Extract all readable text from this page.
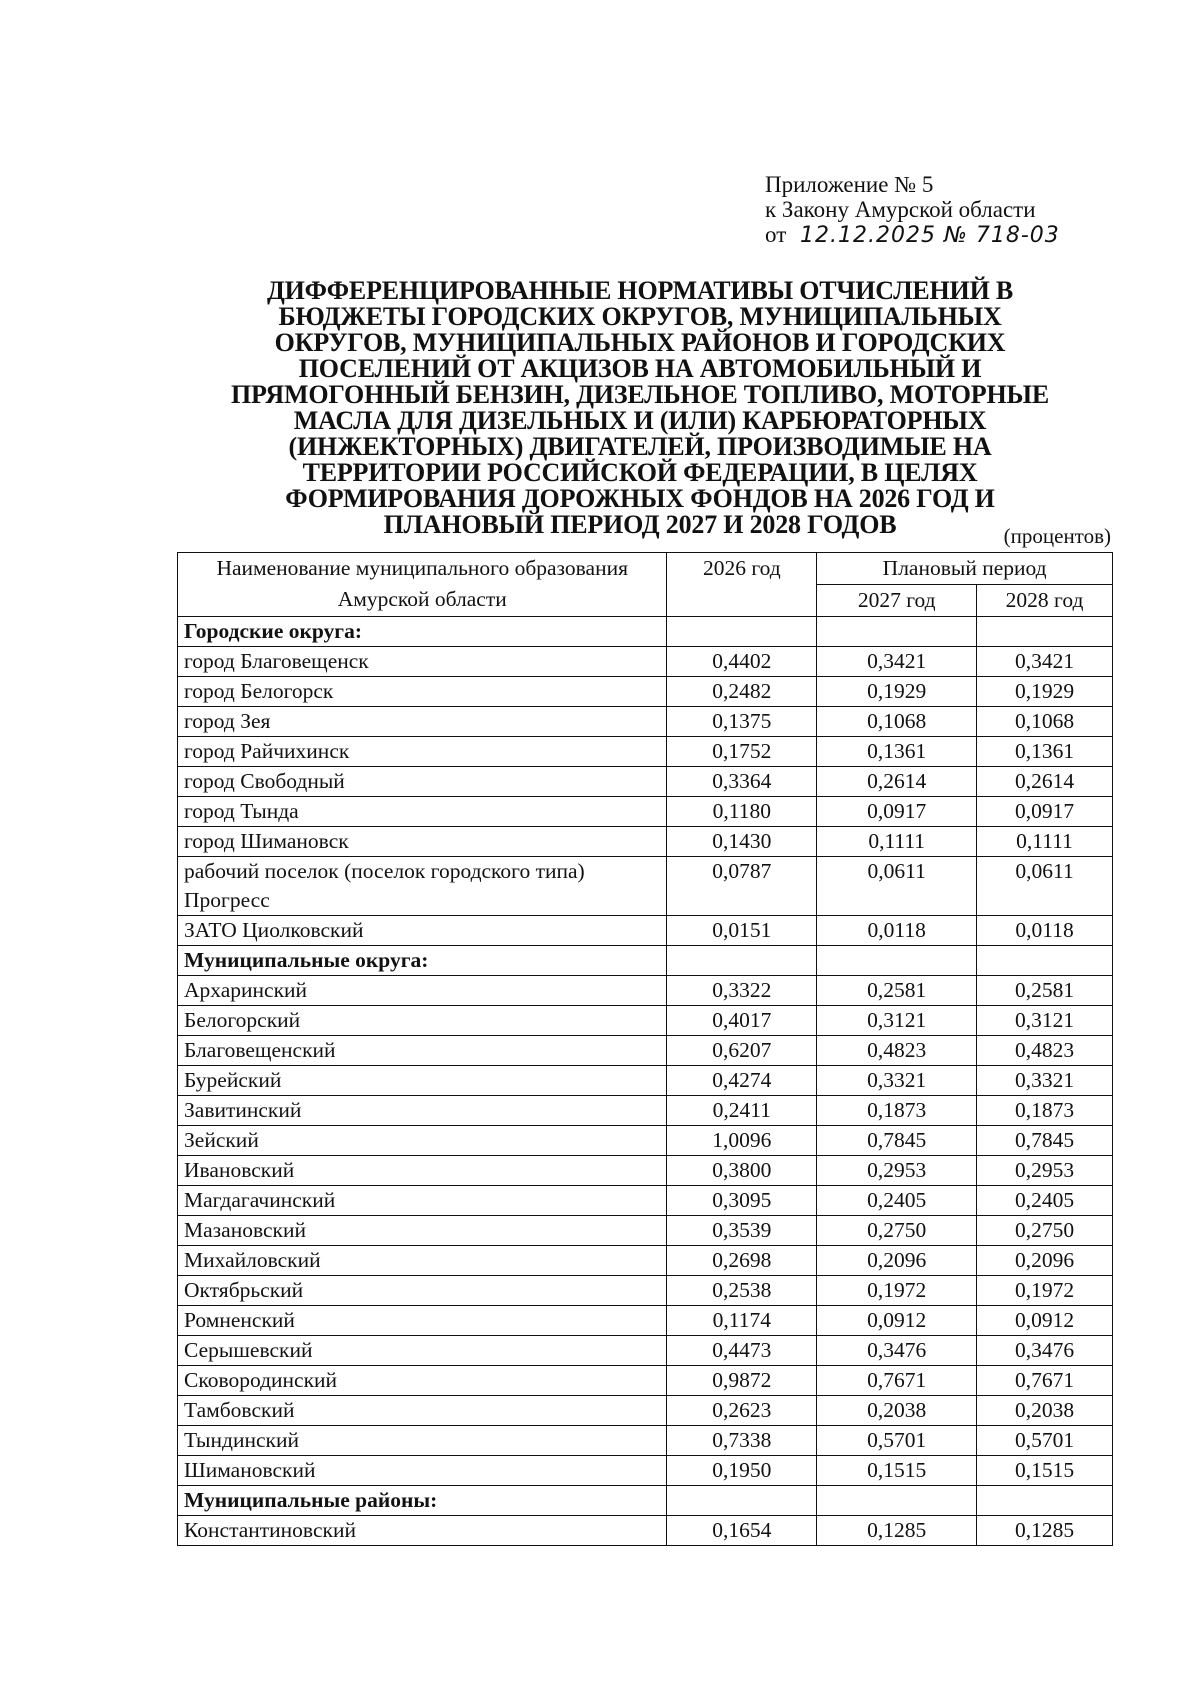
Приложение № 5
к Закону Амурской области
от 12.12.2025 № 718-03
ДИФФЕРЕНЦИРОВАННЫЕ НОРМАТИВЫ ОТЧИСЛЕНИЙ В
БЮДЖЕТЫ ГОРОДСКИХ ОКРУГОВ, МУНИЦИПАЛЬНЫХ
ОКРУГОВ, МУНИЦИПАЛЬНЫХ РАЙОНОВ И ГОРОДСКИХ
ПОСЕЛЕНИЙ ОТ АКЦИЗОВ НА АВТОМОБИЛЬНЫЙ И
ПРЯМОГОННЫЙ БЕНЗИН, ДИЗЕЛЬНОЕ ТОПЛИВО, МОТОРНЫЕ
МАСЛА ДЛЯ ДИЗЕЛЬНЫХ И (ИЛИ) КАРБЮРАТОРНЫХ
(ИНЖЕКТОРНЫХ) ДВИГАТЕЛЕЙ, ПРОИЗВОДИМЫЕ НА
ТЕРРИТОРИИ РОССИЙСКОЙ ФЕДЕРАЦИИ, В ЦЕЛЯХ
ФОРМИРОВАНИЯ ДОРОЖНЫХ ФОНДОВ НА 2026 ГОД И
ПЛАНОВЫЙ ПЕРИОД 2027 И 2028 ГОДОВ	(процентов)
Наименование муниципального образования Амурской области	2026 год	Плановый период	
		2027 год	2028 год
Городские округа:			
город Благовещенск	0,4402	0,3421	0,3421
город Белогорск	0,2482	0,1929	0,1929
город Зея	0,1375	0,1068	0,1068
город Райчихинск	0,1752	0,1361	0,1361
город Свободный	0,3364	0,2614	0,2614
город Тында	0,1180	0,0917	0,0917
город Шимановск	0,1430	0,1111	0,1111
рабочий поселок (поселок городского типа) Прогресс	0,0787	0,0611	0,0611
ЗАТО Циолковский	0,0151	0,0118	0,0118
Муниципальные округа:			
Архаринский	0,3322	0,2581	0,2581
Белогорский	0,4017	0,3121	0,3121
Благовещенский	0,6207	0,4823	0,4823
Бурейский	0,4274	0,3321	0,3321
Завитинский	0,2411	0,1873	0,1873
Зейский	1,0096	0,7845	0,7845
Ивановский	0,3800	0,2953	0,2953
Магдагачинский	0,3095	0,2405	0,2405
Мазановский	0,3539	0,2750	0,2750
Михайловский	0,2698	0,2096	0,2096
Октябрьский	0,2538	0,1972	0,1972
Ромненский	0,1174	0,0912	0,0912
Серышевский	0,4473	0,3476	0,3476
Сковородинский	0,9872	0,7671	0,7671
Тамбовский	0,2623	0,2038	0,2038
Тындинский	0,7338	0,5701	0,5701
Шимановский	0,1950	0,1515	0,1515
Муниципальные районы:			
Константиновский	0,1654	0,1285	0,1285
